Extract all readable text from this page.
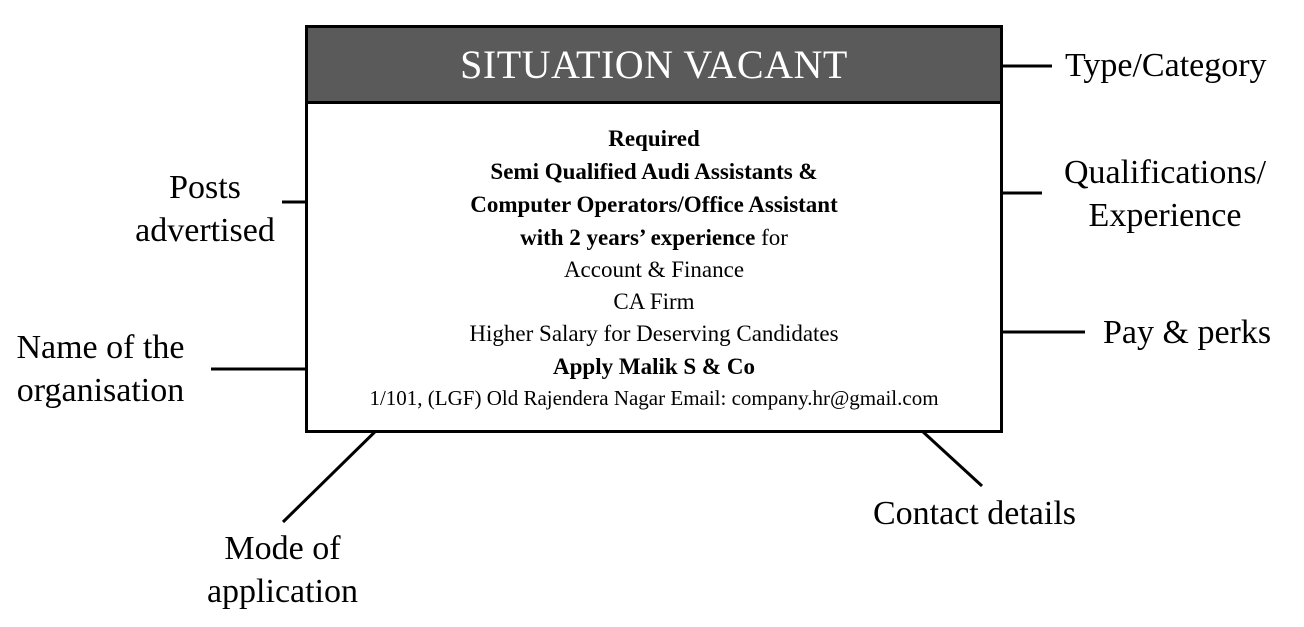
SITUATION VACANT
Required
Semi Qualified Audi Assistants &
Computer Operators/Office Assistant
with 2 years’ experience for
Account & Finance
CA Firm
Higher Salary for Deserving Candidates
Apply Malik S & Co
1/101, (LGF) Old Rajendera Nagar Email: company.hr@gmail.com
Type/Category
Qualifications/
Experience
Posts
advertised
Pay & perks
Name of the
organisation
Mode of
application
Contact details
